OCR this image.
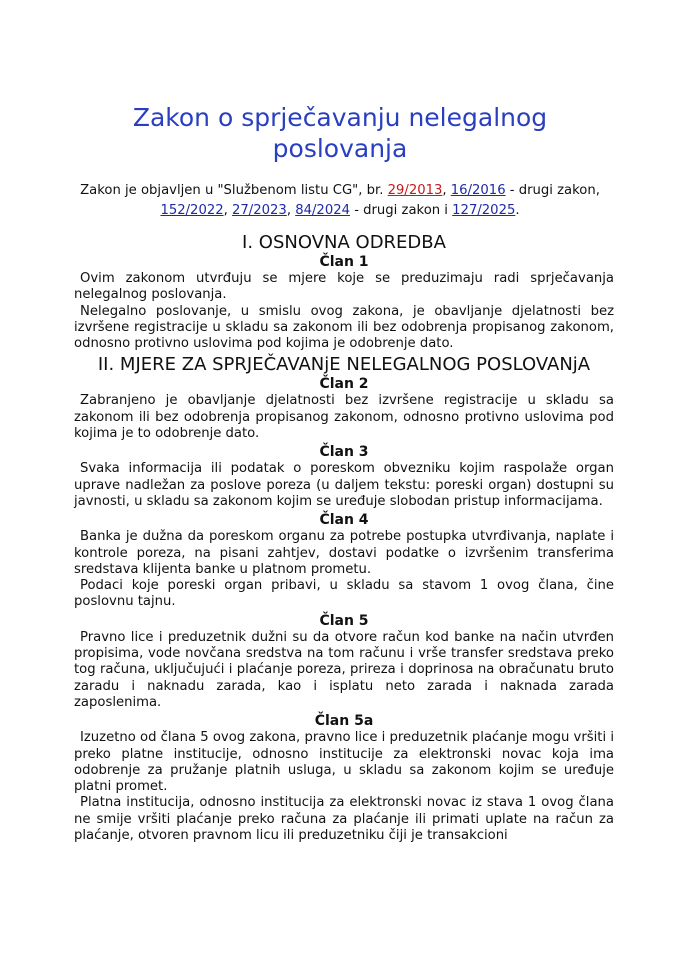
Zakon o sprječavanju nelegalnog poslovanja
Zakon je objavljen u "Službenom listu CG", br. 29/2013, 16/2016 - drugi zakon, 152/2022, 27/2023, 84/2024 - drugi zakon i 127/2025.
I. OSNOVNA ODREDBA
Član 1

Ovim zakonom utvrđuju se mjere koje se preduzimaju radi sprječavanja nelegalnog poslovanja.

Nelegalno poslovanje, u smislu ovog zakona, je obavljanje djelatnosti bez izvršene registracije u skladu sa zakonom ili bez odobrenja propisanog zakonom, odnosno protivno uslovima pod kojima je odobrenje dato.

II. MJERE ZA SPRJEČAVANjE NELEGALNOG POSLOVANjA
Član 2

Zabranjeno je obavljanje djelatnosti bez izvršene registracije u skladu sa zakonom ili bez odobrenja propisanog zakonom, odnosno protivno uslovima pod kojima je to odobrenje dato.

Član 3

Svaka informacija ili podatak o poreskom obvezniku kojim raspolaže organ uprave nadležan za poslove poreza (u daljem tekstu: poreski organ) dostupni su javnosti, u skladu sa zakonom kojim se uređuje slobodan pristup informacijama.

Član 4

Banka je dužna da poreskom organu za potrebe postupka utvrđivanja, naplate i kontrole poreza, na pisani zahtjev, dostavi podatke o izvršenim transferima sredstava klijenta banke u platnom prometu.

Podaci koje poreski organ pribavi, u skladu sa stavom 1 ovog člana, čine poslovnu tajnu.

Član 5

Pravno lice i preduzetnik dužni su da otvore račun kod banke na način utvrđen propisima, vode novčana sredstva na tom računu i vrše transfer sredstava preko tog računa, uključujući i plaćanje poreza, prireza i doprinosa na obračunatu bruto zaradu i naknadu zarada, kao i isplatu neto zarada i naknada zarada zaposlenima.

Član 5a

Izuzetno od člana 5 ovog zakona, pravno lice i preduzetnik plaćanje mogu vršiti i preko platne institucije, odnosno institucije za elektronski novac koja ima odobrenje za pružanje platnih usluga, u skladu sa zakonom kojim se uređuje platni promet.

Platna institucija, odnosno institucija za elektronski novac iz stava 1 ovog člana ne smije vršiti plaćanje preko računa za plaćanje ili primati uplate na račun za plaćanje, otvoren pravnom licu ili preduzetniku čiji je transakcioni
